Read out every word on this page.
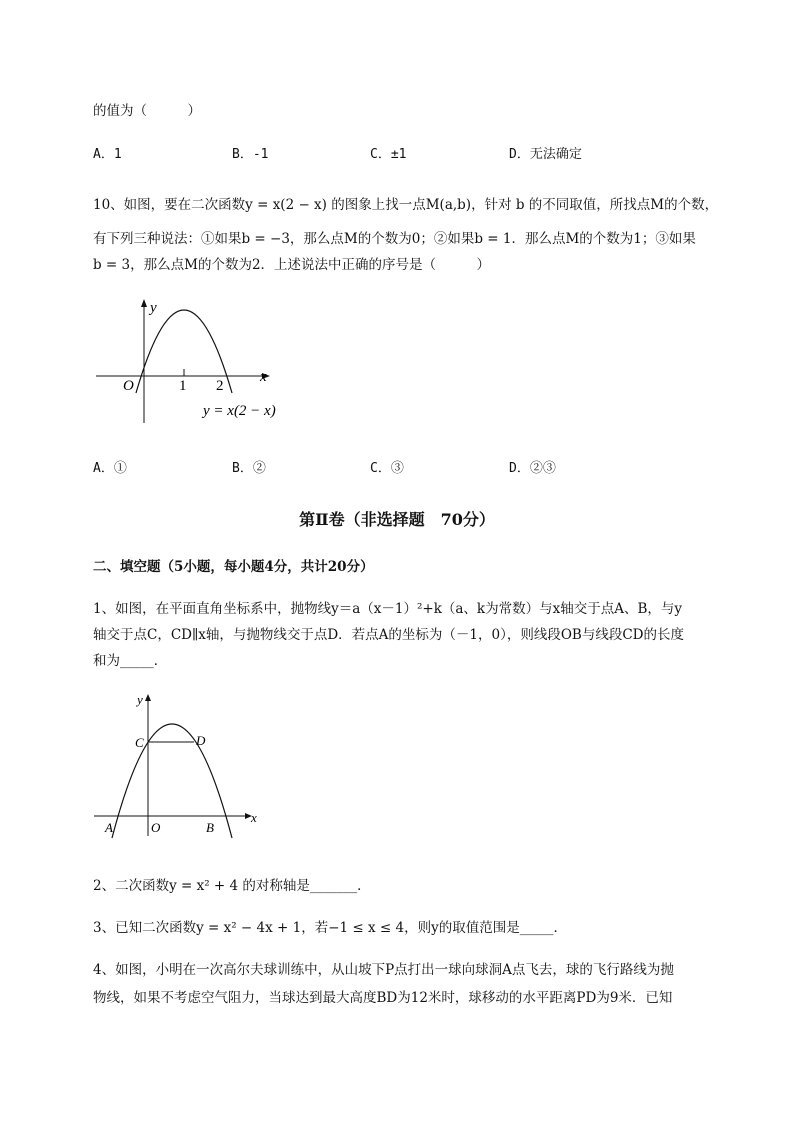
的值为（　　　）
A．1	B．-1	C．±1	D．无法确定
10、如图，要在二次函数y = x(2 − x) 的图象上找一点M(a,b)，针对 b 的不同取值，所找点M的个数，
有下列三种说法：①如果b = −3，那么点M的个数为0；②如果b = 1．那么点M的个数为1；③如果
b = 3，那么点M的个数为2．上述说法中正确的序号是（　　　）
y
x
O	1 2
y = x(2 − x)
A．①	B．②	C．③	D．②③
第Ⅱ卷（非选择题　70分）
二、填空题（5小题，每小题4分，共计20分）
1、如图，在平面直角坐标系中，抛物线y＝a（x－1）²+k（a、k为常数）与x轴交于点A、B，与y
轴交于点C，CD∥x轴，与抛物线交于点D．若点A的坐标为（－1，0），则线段OB与线段CD的长度
和为_____．
y
x
C	D
A	O	B
2、二次函数y = x² + 4 的对称轴是_______．
3、已知二次函数y = x² − 4x + 1，若−1 ≤ x ≤ 4，则y的取值范围是_____．
4、如图，小明在一次高尔夫球训练中，从山坡下P点打出一球向球洞A点飞去，球的飞行路线为抛
物线，如果不考虑空气阻力，当球达到最大高度BD为12米时，球移动的水平距离PD为9米．已知
